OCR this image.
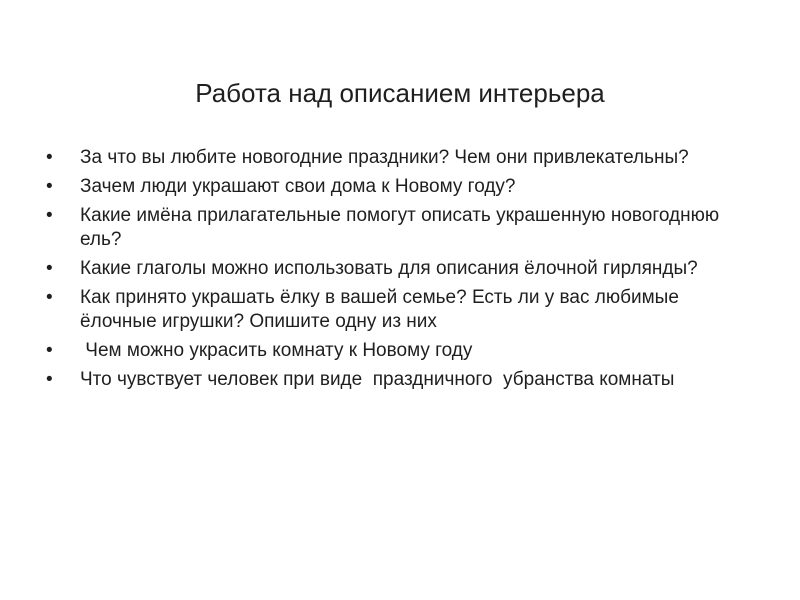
Работа над описанием интерьера
•	За что вы любите новогодние праздники? Чем они привлекательны?
•	Зачем люди украшают свои дома к Новому году?
•	Какие имёна прилагательные помогут описать украшенную новогоднюю ель?
•	Какие глаголы можно использовать для описания ёлочной гирлянды?
•	Как принято украшать ёлку в вашей семье? Есть ли у вас любимые ёлочные игрушки? Опишите одну из них
•	Чем можно украсить комнату к Новому году
•	Что чувствует человек при виде  праздничного  убранства комнаты
